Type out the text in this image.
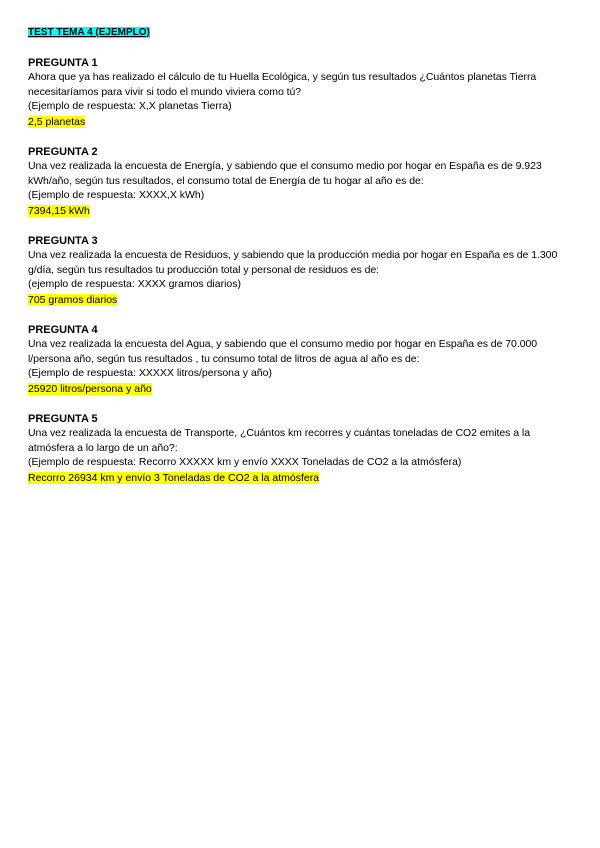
TEST TEMA 4 (EJEMPLO)
PREGUNTA 1
Ahora que ya has realizado el cálculo de tu Huella Ecológica, y según tus resultados ¿Cuántos planetas Tierra necesitaríamos para vivir si todo el mundo viviera como tú?
(Ejemplo de respuesta: X,X planetas Tierra)
2,5 planetas
PREGUNTA 2
Una vez realizada la encuesta de Energía, y sabiendo que el consumo medio por hogar en España es de 9.923 kWh/año, según tus resultados, el consumo total de Energía de tu hogar al año es de:
(Ejemplo de respuesta: XXXX,X kWh)
7394,15 kWh
PREGUNTA 3
Una vez realizada la encuesta de Residuos, y sabiendo que la producción media por hogar en España es de 1.300 g/día, según tus resultados tu producción total y personal de residuos es de:
(ejemplo de respuesta: XXXX gramos diarios)
705 gramos diarios
PREGUNTA 4
Una vez realizada la encuesta del Agua, y sabiendo que el consumo medio por hogar en España es de 70.000 l/persona año, según tus resultados , tu consumo total de litros de agua al año es de:
(Ejemplo de respuesta: XXXXX litros/persona y año)
25920 litros/persona y año
PREGUNTA 5
Una vez realizada la encuesta de Transporte, ¿Cuántos km recorres y cuántas toneladas de CO2 emites a la atmósfera a lo largo de un año?:
(Ejemplo de respuesta: Recorro XXXXX km y envío XXXX Toneladas de CO2 a la atmósfera)
Recorro 26934 km y envío 3 Toneladas de CO2 a la atmósfera
